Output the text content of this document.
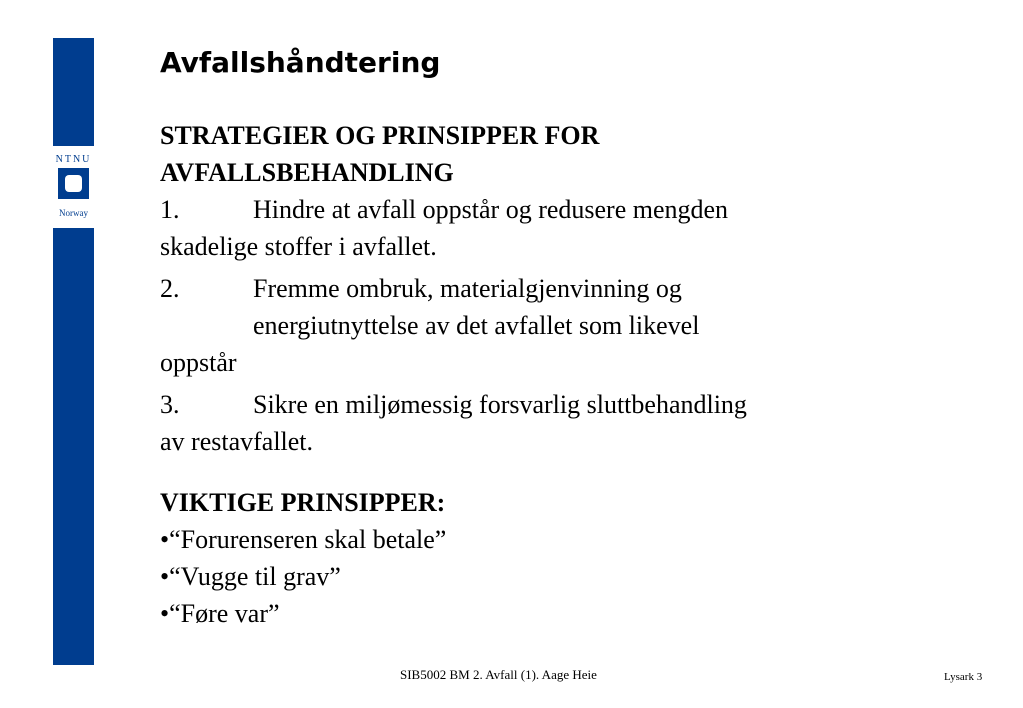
NTNU
Norway
Avfallshåndtering
STRATEGIER OG PRINSIPPER FOR
AVFALLSBEHANDLING
1.	Hindre at avfall oppstår og redusere mengden
skadelige stoffer i avfallet.
2.	Fremme ombruk, materialgjenvinning og
energiutnyttelse av det avfallet som likevel
oppstår
3.	Sikre en miljømessig forsvarlig sluttbehandling
av restavfallet.
VIKTIGE PRINSIPPER:
•“Forurenseren skal betale”
•“Vugge til grav”
•“Føre var”
SIB5002 BM 2. Avfall (1). Aage Heie	Lysark 3
